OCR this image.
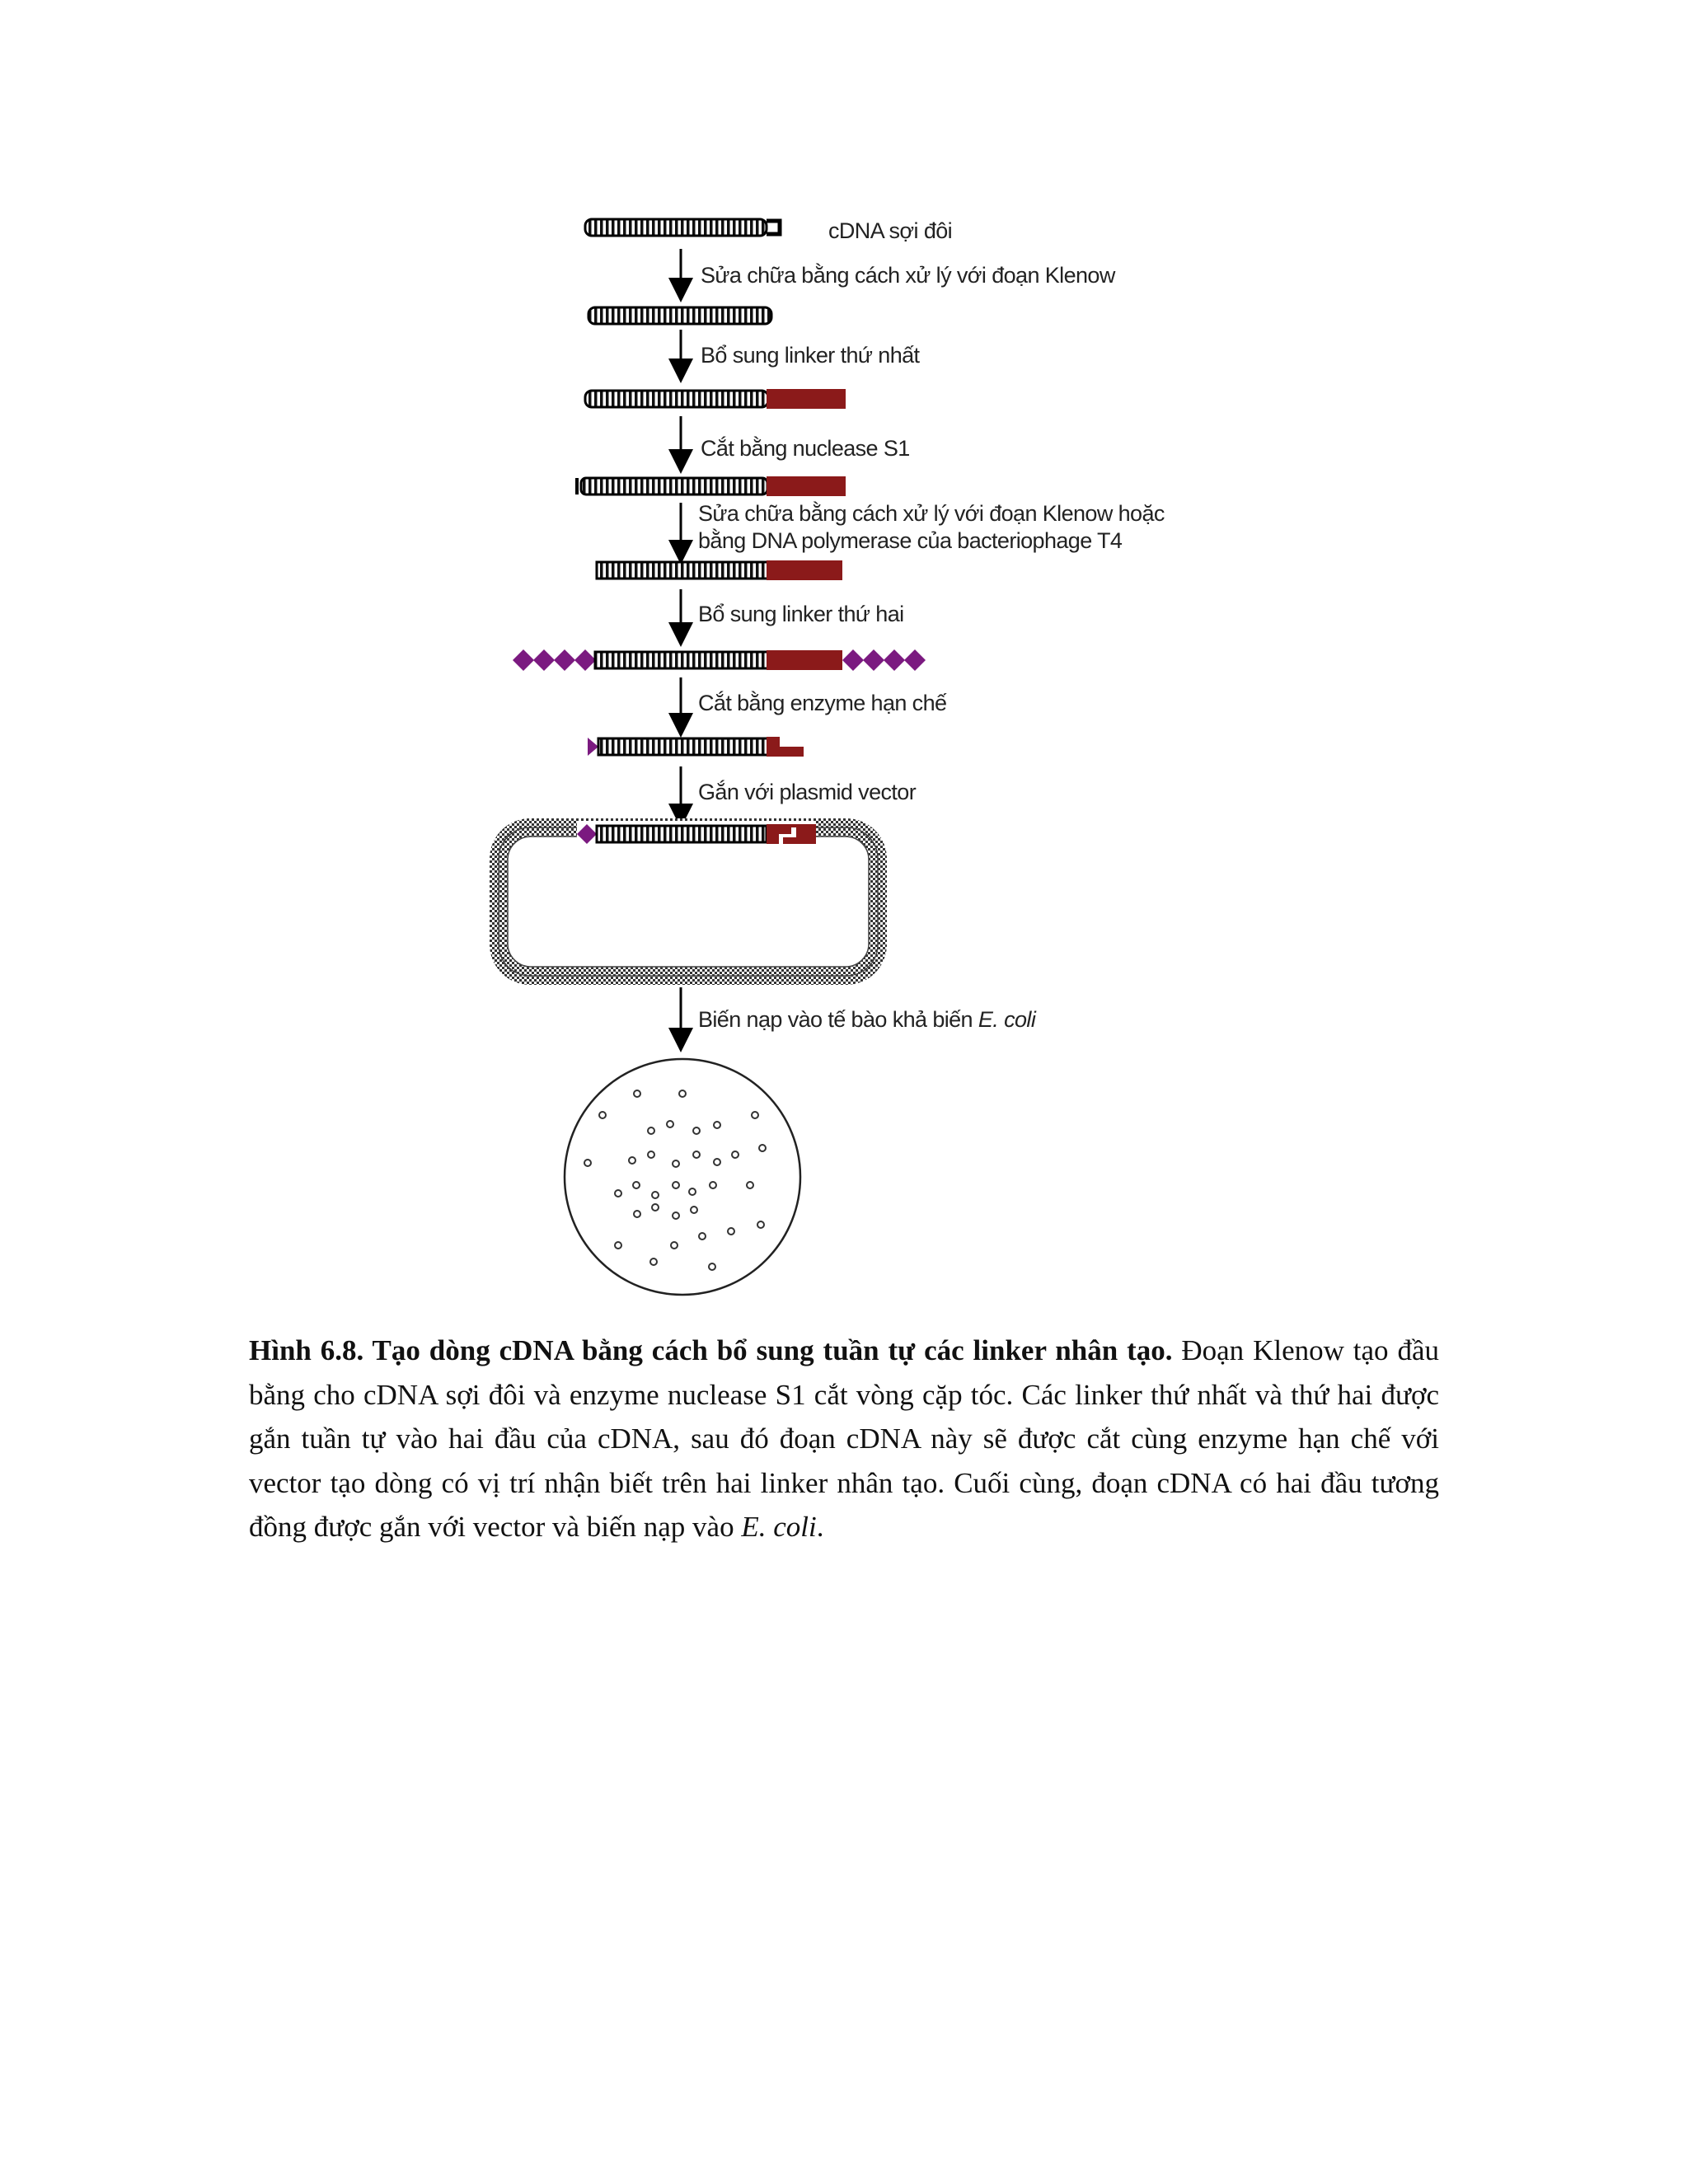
cDNA sợi đôi
Sửa chữa bằng cách xử lý với đoạn Klenow
Bổ sung linker thứ nhất
Cắt bằng nuclease S1
Sửa chữa bằng cách xử lý với đoạn Klenow hoặc
bằng DNA polymerase của bacteriophage T4
Bổ sung linker thứ hai
Cắt bằng enzyme hạn chế
Gắn với plasmid vector
Biến nạp vào tế bào khả biến E. coli

Hình 6.8. Tạo dòng cDNA bằng cách bổ sung tuần tự các linker nhân tạo. Đoạn Klenow tạo đầu bằng cho cDNA sợi đôi và enzyme nuclease S1 cắt vòng cặp tóc. Các linker thứ nhất và thứ hai được gắn tuần tự vào hai đầu của cDNA, sau đó đoạn cDNA này sẽ được cắt cùng enzyme hạn chế với vector tạo dòng có vị trí nhận biết trên hai linker nhân tạo. Cuối cùng, đoạn cDNA có hai đầu tương đồng được gắn với vector và biến nạp vào E. coli.
